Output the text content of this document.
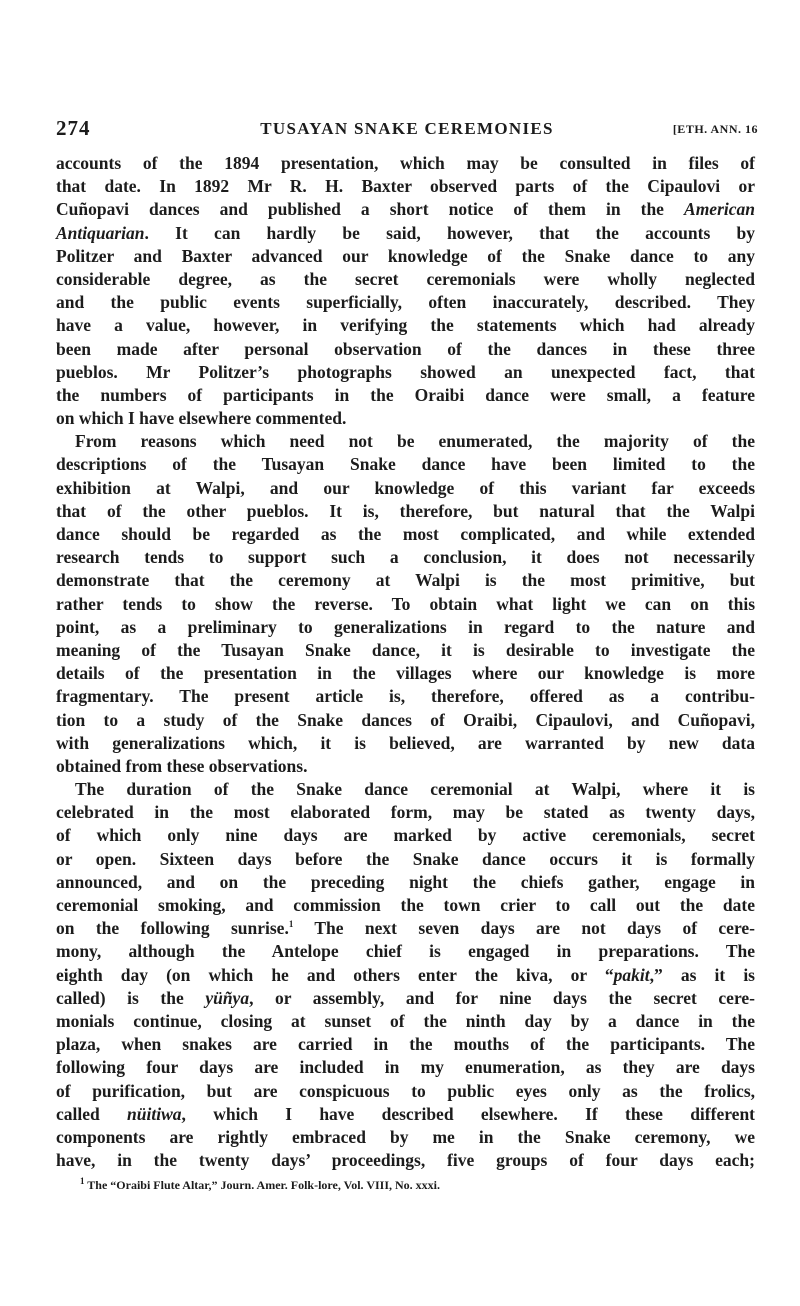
274	TUSAYAN SNAKE CEREMONIES	[ETH. ANN. 16
accounts of the 1894 presentation, which may be consulted in files of
that date. In 1892 Mr R. H. Baxter observed parts of the Cipaulovi or
Cuñopavi dances and published a short notice of them in the American
Antiquarian. It can hardly be said, however, that the accounts by
Politzer and Baxter advanced our knowledge of the Snake dance to any
considerable degree, as the secret ceremonials were wholly neglected
and the public events superficially, often inaccurately, described. They
have a value, however, in verifying the statements which had already
been made after personal observation of the dances in these three
pueblos. Mr Politzer’s photographs showed an unexpected fact, that
the numbers of participants in the Oraibi dance were small, a feature
on which I have elsewhere commented.
From reasons which need not be enumerated, the majority of the
descriptions of the Tusayan Snake dance have been limited to the
exhibition at Walpi, and our knowledge of this variant far exceeds
that of the other pueblos. It is, therefore, but natural that the Walpi
dance should be regarded as the most complicated, and while extended
research tends to support such a conclusion, it does not necessarily
demonstrate that the ceremony at Walpi is the most primitive, but
rather tends to show the reverse. To obtain what light we can on this
point, as a preliminary to generalizations in regard to the nature and
meaning of the Tusayan Snake dance, it is desirable to investigate the
details of the presentation in the villages where our knowledge is more
fragmentary. The present article is, therefore, offered as a contribu-
tion to a study of the Snake dances of Oraibi, Cipaulovi, and Cuñopavi,
with generalizations which, it is believed, are warranted by new data
obtained from these observations.
The duration of the Snake dance ceremonial at Walpi, where it is
celebrated in the most elaborated form, may be stated as twenty days,
of which only nine days are marked by active ceremonials, secret
or open. Sixteen days before the Snake dance occurs it is formally
announced, and on the preceding night the chiefs gather, engage in
ceremonial smoking, and commission the town crier to call out the date
on the following sunrise.$^1$ The next seven days are not days of cere-
mony, although the Antelope chief is engaged in preparations. The
eighth day (on which he and others enter the kiva, or “pakit,” as it is
called) is the yüñya, or assembly, and for nine days the secret cere-
monials continue, closing at sunset of the ninth day by a dance in the
plaza, when snakes are carried in the mouths of the participants. The
following four days are included in my enumeration, as they are days
of purification, but are conspicuous to public eyes only as the frolics,
called nüitiwa, which I have described elsewhere. If these different
components are rightly embraced by me in the Snake ceremony, we
have, in the twenty days’ proceedings, five groups of four days each;
$^1$ The “Oraibi Flute Altar,” Journ. Amer. Folk-lore, Vol. VIII, No. xxxi.
